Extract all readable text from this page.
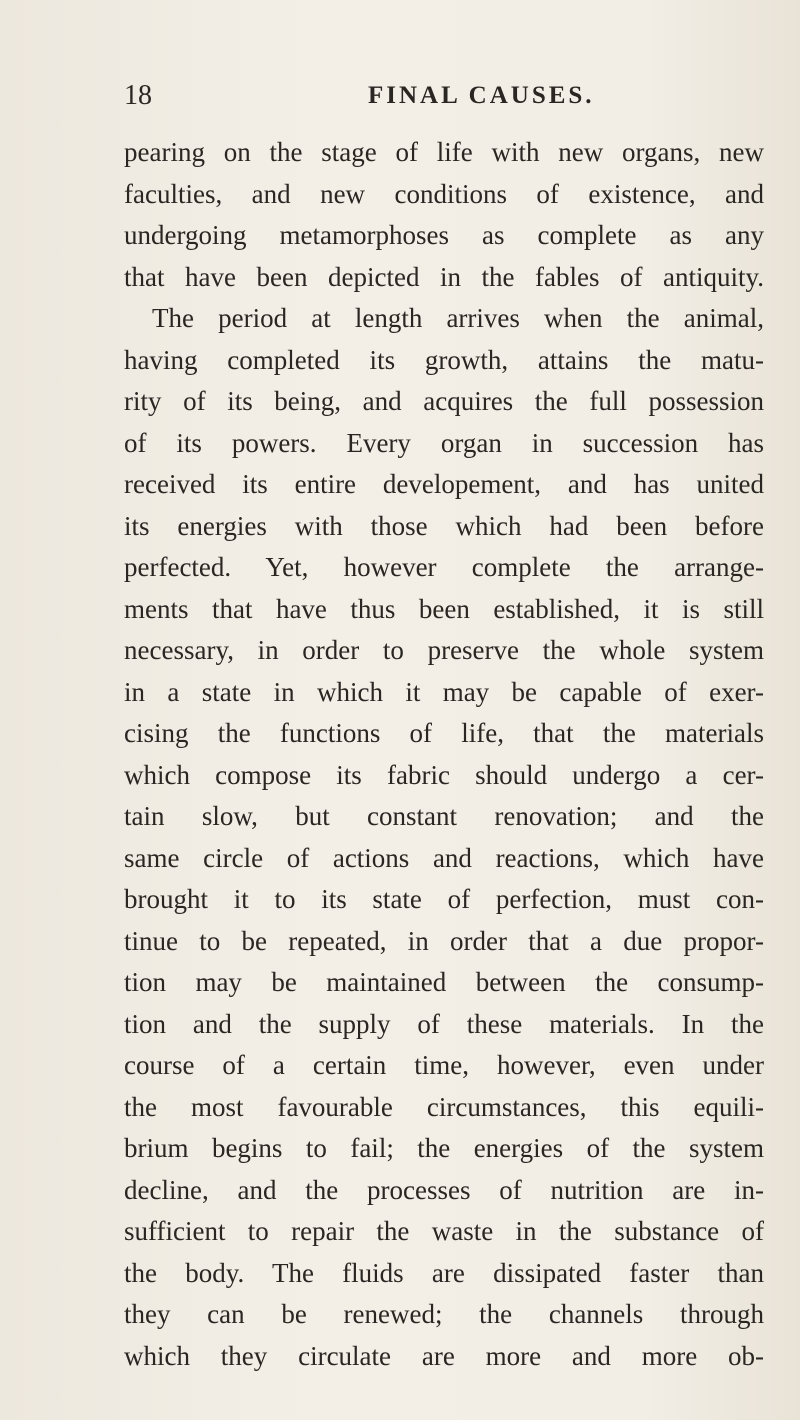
18	FINAL CAUSES.
pearing on the stage of life with new organs, new
faculties, and new conditions of existence, and
undergoing metamorphoses as complete as any
that have been depicted in the fables of antiquity.
The period at length arrives when the animal,
having completed its growth, attains the matu-
rity of its being, and acquires the full possession
of its powers. Every organ in succession has
received its entire developement, and has united
its energies with those which had been before
perfected. Yet, however complete the arrange-
ments that have thus been established, it is still
necessary, in order to preserve the whole system
in a state in which it may be capable of exer-
cising the functions of life, that the materials
which compose its fabric should undergo a cer-
tain slow, but constant renovation; and the
same circle of actions and reactions, which have
brought it to its state of perfection, must con-
tinue to be repeated, in order that a due propor-
tion may be maintained between the consump-
tion and the supply of these materials. In the
course of a certain time, however, even under
the most favourable circumstances, this equili-
brium begins to fail; the energies of the system
decline, and the processes of nutrition are in-
sufficient to repair the waste in the substance of
the body. The fluids are dissipated faster than
they can be renewed; the channels through
which they circulate are more and more ob-
